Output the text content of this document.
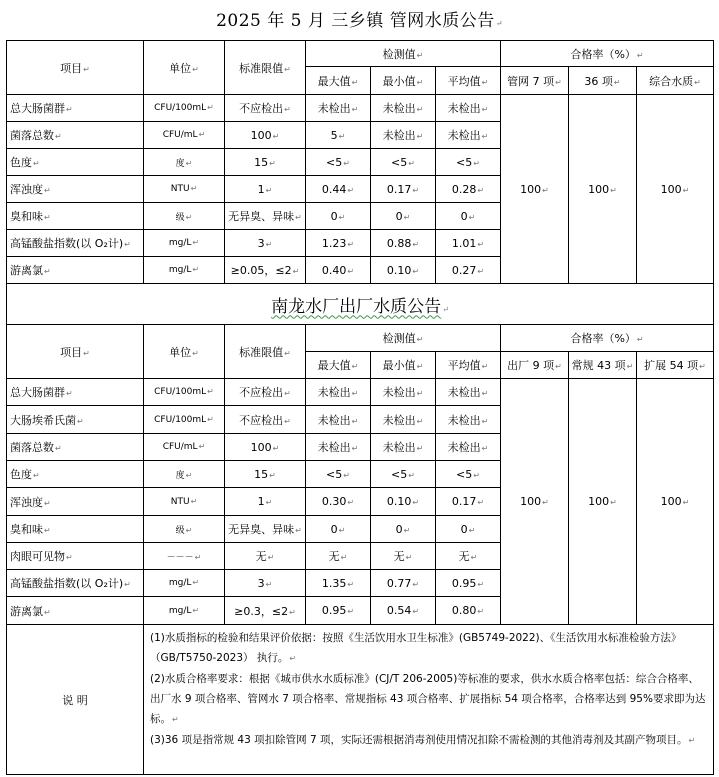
2025 年 5 月 三乡镇 管网水质公告 ↵
项目 ↵	单位 ↵	标准限值 ↵	检测值 ↵			合格率（%） ↵
			最大值 ↵	最小值 ↵	平均值 ↵	管网 7 项 ↵	36 项 ↵	综合水质 ↵
总大肠菌群 ↵	CFU/100mL ↵	不应检出 ↵	未检出 ↵	未检出 ↵	未检出 ↵	100 ↵	100 ↵	100 ↵
菌落总数 ↵	CFU/mL ↵	100 ↵	5 ↵	未检出 ↵	未检出 ↵
色度 ↵	度 ↵	15 ↵	<5 ↵	<5 ↵	<5 ↵
浑浊度 ↵	NTU ↵	1 ↵	0.44 ↵	0.17 ↵	0.28 ↵
臭和味 ↵	级 ↵	无异臭、异味 ↵	0 ↵	0 ↵	0 ↵
高锰酸盐指数(以 O₂计) ↵	mg/L ↵	3 ↵	1.23 ↵	0.88 ↵	1.01 ↵
游离氯 ↵	mg/L ↵	≥0.05，≤2 ↵	0.40 ↵	0.10 ↵	0.27 ↵
南龙水厂出厂水质公告 ↵
项目 ↵	单位 ↵	标准限值 ↵	检测值 ↵			合格率（%） ↵
			最大值 ↵	最小值 ↵	平均值 ↵	出厂 9 项 ↵	常规 43 项 ↵	扩展 54 项 ↵
总大肠菌群 ↵	CFU/100mL ↵	不应检出 ↵	未检出 ↵	未检出 ↵	未检出 ↵	100 ↵	100 ↵	100 ↵
大肠埃希氏菌 ↵	CFU/100mL ↵	不应检出 ↵	未检出 ↵	未检出 ↵	未检出 ↵
菌落总数 ↵	CFU/mL ↵	100 ↵	未检出 ↵	未检出 ↵	未检出 ↵
色度 ↵	度 ↵	15 ↵	<5 ↵	<5 ↵	<5 ↵
浑浊度 ↵	NTU ↵	1 ↵	0.30 ↵	0.10 ↵	0.17 ↵
臭和味 ↵	级 ↵	无异臭、异味 ↵	0 ↵	0 ↵	0 ↵
肉眼可见物 ↵	－－－ ↵	无 ↵	无 ↵	无 ↵	无 ↵
高锰酸盐指数(以 O₂计) ↵	mg/L ↵	3 ↵	1.35 ↵	0.77 ↵	0.95 ↵
游离氯 ↵	mg/L ↵	≥0.3，≤2 ↵	0.95 ↵	0.54 ↵	0.80 ↵
说 明	(1)水质指标的检验和结果评价依据：按照《生活饮用水卫生标准》(GB5749-2022)、《生活饮用水标准检验方法》（GB/T5750-2023） 执行。 ↵

(2)水质合格率要求：根据《城市供水水质标准》(CJ/T 206-2005)等标准的要求，供水水质合格率包括：综合合格率、出厂水 9 项合格率、管网水 7 项合格率、常规指标 43 项合格率、扩展指标 54 项合格率，合格率达到 95%要求即为达标。 ↵

(3)36 项是指常规 43 项扣除管网 7 项，实际还需根据消毒剂使用情况扣除不需检测的其他消毒剂及其副产物项目。 ↵
